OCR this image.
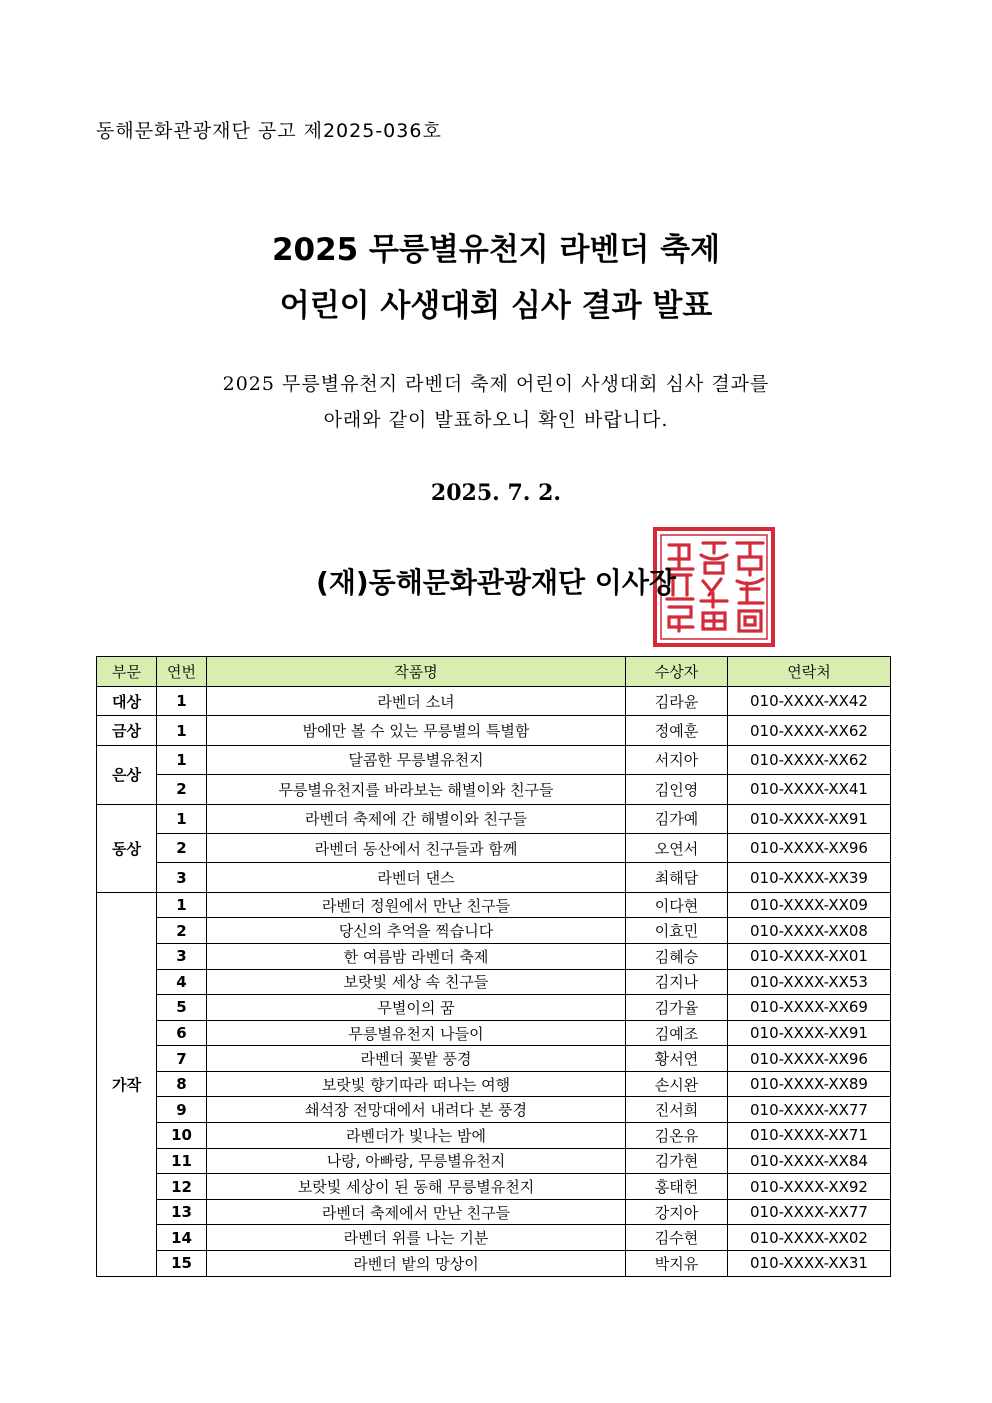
동해문화관광재단 공고 제2025-036호
2025 무릉별유천지 라벤더 축제
어린이 사생대회 심사 결과 발표
2025 무릉별유천지 라벤더 축제 어린이 사생대회 심사 결과를
아래와 같이 발표하오니 확인 바랍니다.
2025. 7. 2.
(재)동해문화관광재단 이사장
부문	연번	작품명	수상자	연락처
대상	1	라벤더 소녀	김라윤	010-XXXX-XX42
금상	1	밤에만 볼 수 있는 무릉별의 특별함	정예훈	010-XXXX-XX62
은상	1	달콤한 무릉별유천지	서지아	010-XXXX-XX62
	2	무릉별유천지를 바라보는 해별이와 친구들	김인영	010-XXXX-XX41
동상	1	라벤더 축제에 간 해별이와 친구들	김가예	010-XXXX-XX91
	2	라벤더 동산에서 친구들과 함께	오연서	010-XXXX-XX96
	3	라벤더 댄스	최해담	010-XXXX-XX39
가작	1	라벤더 정원에서 만난 친구들	이다현	010-XXXX-XX09
	2	당신의 추억을 찍습니다	이효민	010-XXXX-XX08
	3	한 여름밤 라벤더 축제	김혜승	010-XXXX-XX01
	4	보랏빛 세상 속 친구들	김지나	010-XXXX-XX53
	5	무별이의 꿈	김가율	010-XXXX-XX69
	6	무릉별유천지 나들이	김예조	010-XXXX-XX91
	7	라벤더 꽃밭 풍경	황서연	010-XXXX-XX96
	8	보랏빛 향기따라 떠나는 여행	손시완	010-XXXX-XX89
	9	쇄석장 전망대에서 내려다 본 풍경	진서희	010-XXXX-XX77
	10	라벤더가 빛나는 밤에	김온유	010-XXXX-XX71
	11	나랑, 아빠랑, 무릉별유천지	김가현	010-XXXX-XX84
	12	보랏빛 세상이 된 동해 무릉별유천지	홍태헌	010-XXXX-XX92
	13	라벤더 축제에서 만난 친구들	강지아	010-XXXX-XX77
	14	라벤더 위를 나는 기분	김수현	010-XXXX-XX02
	15	라벤더 밭의 망상이	박지유	010-XXXX-XX31
